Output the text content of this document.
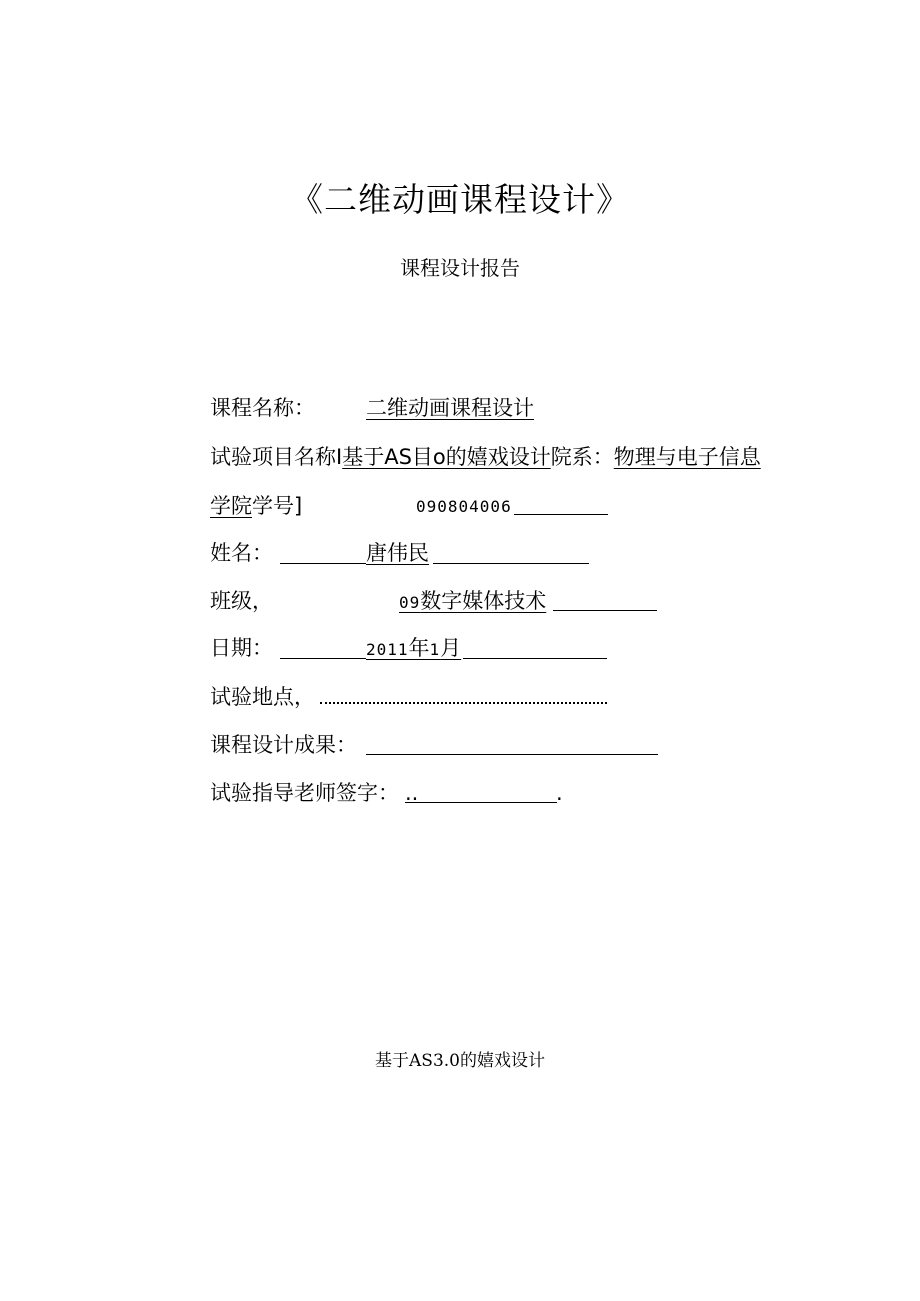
《二维动画课程设计》
课程设计报告
课程名称： 二维动画课程设计
试验项目名称I基于AS目o的嬉戏设计院系：物理与电子信息
学院学号]	090804006
姓名：	唐伟民
班级，	09数字媒体技术
日期：	2011年1月
试验地点，
课程设计成果：
试验指导老师签字： ..	.
基于AS3.0的嬉戏设计
